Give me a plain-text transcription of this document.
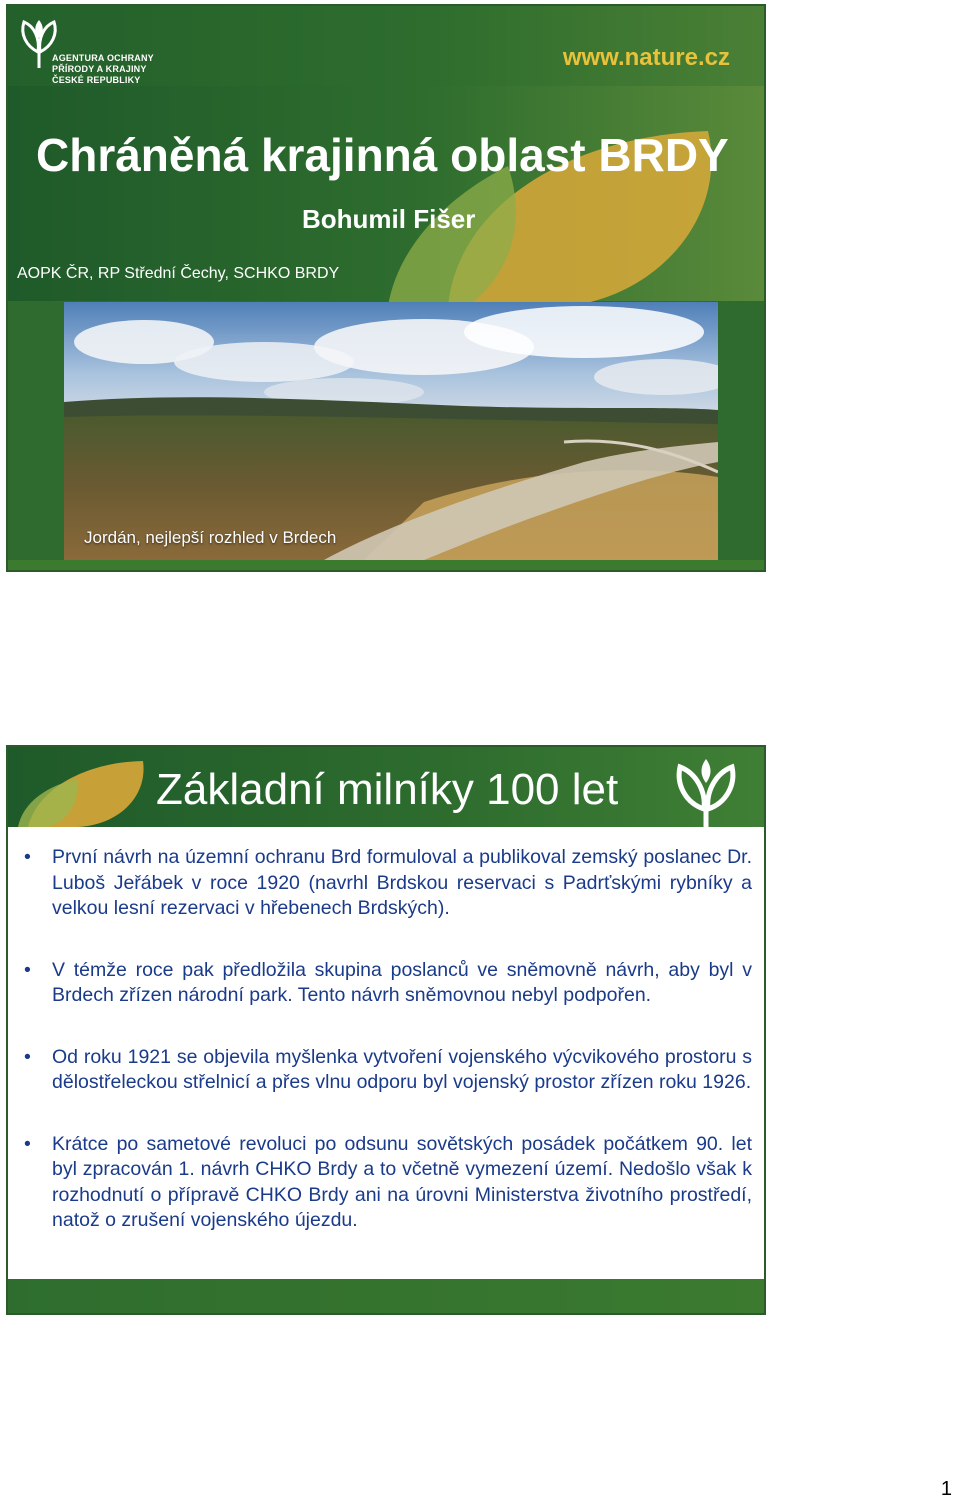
AGENTURA OCHRANY
PŘÍRODY A KRAJINY
ČESKÉ REPUBLIKY
www.nature.cz
Chráněná krajinná oblast BRDY
Bohumil Fišer
AOPK ČR, RP Střední Čechy, SCHKO BRDY
Jordán, nejlepší rozhled v Brdech
Základní milníky 100 let
• První návrh na územní ochranu Brd formuloval a publikoval zemský poslanec Dr. Luboš Jeřábek v roce 1920 (navrhl Brdskou reservaci s Padrťskými rybníky a velkou lesní rezervaci v hřebenech Brdských).
• V témže roce pak předložila skupina poslanců ve sněmovně návrh, aby byl v Brdech zřízen národní park. Tento návrh sněmovnou nebyl podpořen.
• Od roku 1921 se objevila myšlenka vytvoření vojenského výcvikového prostoru s dělostřeleckou střelnicí a přes vlnu odporu byl vojenský prostor zřízen roku 1926.
• Krátce po sametové revoluci po odsunu sovětských posádek počátkem 90. let byl zpracován 1. návrh CHKO Brdy a to včetně vymezení území. Nedošlo však k rozhodnutí o přípravě CHKO Brdy ani na úrovni Ministerstva životního prostředí, natož o zrušení vojenského újezdu.
1
